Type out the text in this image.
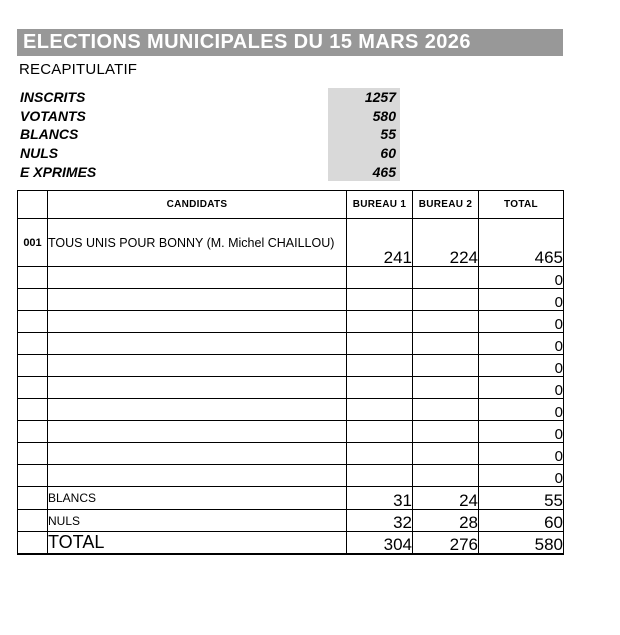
ELECTIONS MUNICIPALES DU 15 MARS 2026
RECAPITULATIF
INSCRITS	1257
VOTANTS	580
BLANCS	55
NULS	60
E XPRIMES	465
	CANDIDATS	BUREAU 1	BUREAU 2	TOTAL
001	TOUS UNIS POUR BONNY (M. Michel CHAILLOU)	241	224	465
				0
				0
				0
				0
				0
				0
				0
				0
				0
				0
	BLANCS	31	24	55
	NULS	32	28	60
	TOTAL	304	276	580
